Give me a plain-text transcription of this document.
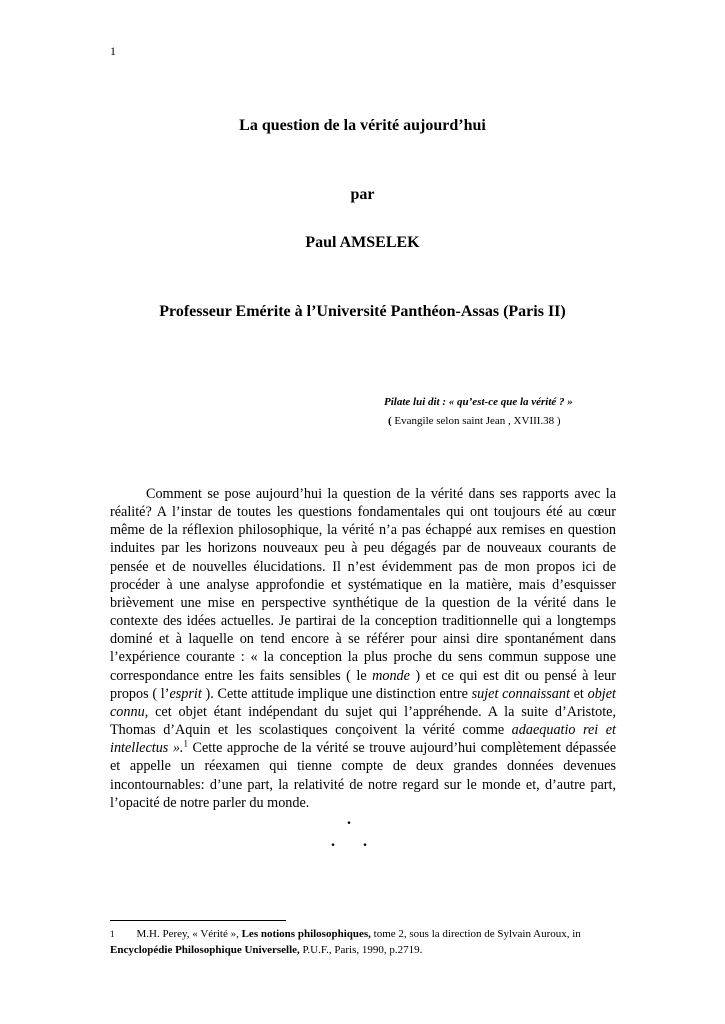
1
La question de la vérité aujourd’hui
par
Paul AMSELEK
Professeur Emérite à l’Université Panthéon-Assas (Paris II)
Pilate lui dit : « qu’est-ce que la vérité ? »
( Evangile selon saint Jean , XVIII.38 )
Comment se pose aujourd’hui la question de la vérité dans ses rapports avec la réalité? A l’instar de toutes les questions fondamentales qui ont toujours été au cœur même de la réflexion philosophique, la vérité n’a pas échappé aux remises en question induites par les horizons nouveaux peu à peu dégagés par de nouveaux courants de pensée et de nouvelles élucidations. Il n’est évidemment pas de mon propos ici de procéder à une analyse approfondie et systématique en la matière, mais d’esquisser brièvement une mise en perspective synthétique de la question de la vérité dans le contexte des idées actuelles. Je partirai de la conception traditionnelle qui a longtemps dominé et à laquelle on tend encore à se référer pour ainsi dire spontanément dans l’expérience courante : « la conception la plus proche du sens commun suppose une correspondance entre les faits sensibles ( le monde ) et ce qui est dit ou pensé à leur propos ( l’esprit ). Cette attitude implique une distinction entre sujet connaissant et objet connu, cet objet étant indépendant du sujet qui l’appréhende. A la suite d’Aristote, Thomas d’Aquin et les scolastiques conçoivent la vérité comme adaequatio rei et intellectus ».$^1$ Cette approche de la vérité se trouve aujourd’hui complètement dépassée et appelle un réexamen qui tienne compte de deux grandes données devenues incontournables: d’une part, la relativité de notre regard sur le monde et, d’autre part, l’opacité de notre parler du monde.
.
. .
$^1$ M.H. Perey, « Vérité », Les notions philosophiques, tome 2, sous la direction de Sylvain Auroux, in Encyclopédie Philosophique Universelle, P.U.F., Paris, 1990, p.2719.
